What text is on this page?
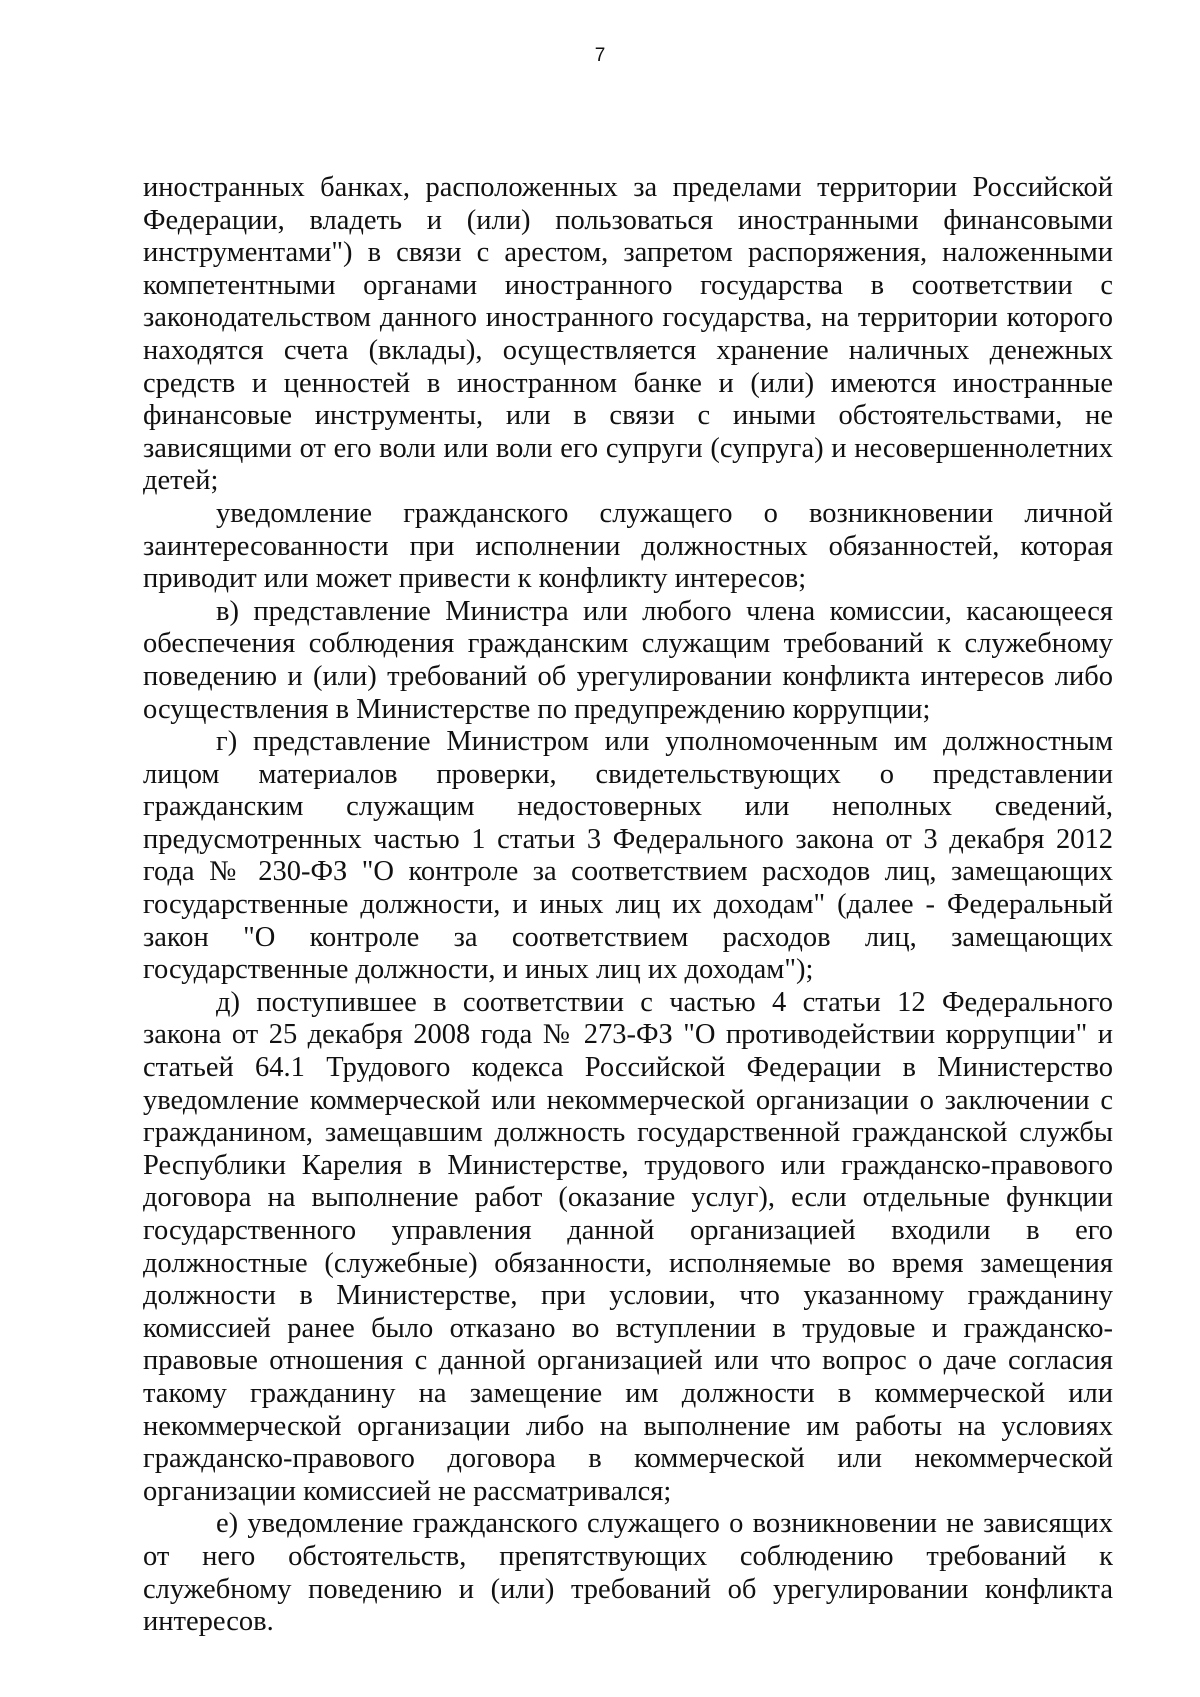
7

иностранных банках, расположенных за пределами территории Российской Федерации, владеть и (или) пользоваться иностранными финансовыми инструментами") в связи с арестом, запретом распоряжения, наложенными компетентными органами иностранного государства в соответствии с законодательством данного иностранного государства, на территории которого находятся счета (вклады), осуществляется хранение наличных денежных средств и ценностей в иностранном банке и (или) имеются иностранные финансовые инструменты, или в связи с иными обстоятельствами, не зависящими от его воли или воли его супруги (супруга) и несовершеннолетних детей;

уведомление гражданского служащего о возникновении личной заинтересованности при исполнении должностных обязанностей, которая приводит или может привести к конфликту интересов;

в) представление Министра или любого члена комиссии, касающееся обеспечения соблюдения гражданским служащим требований к служебному поведению и (или) требований об урегулировании конфликта интересов либо осуществления в Министерстве по предупреждению коррупции;

г) представление Министром или уполномоченным им должностным лицом материалов проверки, свидетельствующих о представлении гражданским служащим недостоверных или неполных сведений, предусмотренных частью 1 статьи 3 Федерального закона от 3 декабря 2012 года № 230-ФЗ "О контроле за соответствием расходов лиц, замещающих государственные должности, и иных лиц их доходам" (далее - Федеральный закон "О контроле за соответствием расходов лиц, замещающих государственные должности, и иных лиц их доходам");

д) поступившее в соответствии с частью 4 статьи 12 Федерального закона от 25 декабря 2008 года № 273-ФЗ "О противодействии коррупции" и статьей 64.1 Трудового кодекса Российской Федерации в Министерство уведомление коммерческой или некоммерческой организации о заключении с гражданином, замещавшим должность государственной гражданской службы Республики Карелия в Министерстве, трудового или гражданско-правового договора на выполнение работ (оказание услуг), если отдельные функции государственного управления данной организацией входили в его должностные (служебные) обязанности, исполняемые во время замещения должности в Министерстве, при условии, что указанному гражданину комиссией ранее было отказано во вступлении в трудовые и гражданско-правовые отношения с данной организацией или что вопрос о даче согласия такому гражданину на замещение им должности в коммерческой или некоммерческой организации либо на выполнение им работы на условиях гражданско-правового договора в коммерческой или некоммерческой организации комиссией не рассматривался;

е) уведомление гражданского служащего о возникновении не зависящих от него обстоятельств, препятствующих соблюдению требований к служебному поведению и (или) требований об урегулировании конфликта интересов.
